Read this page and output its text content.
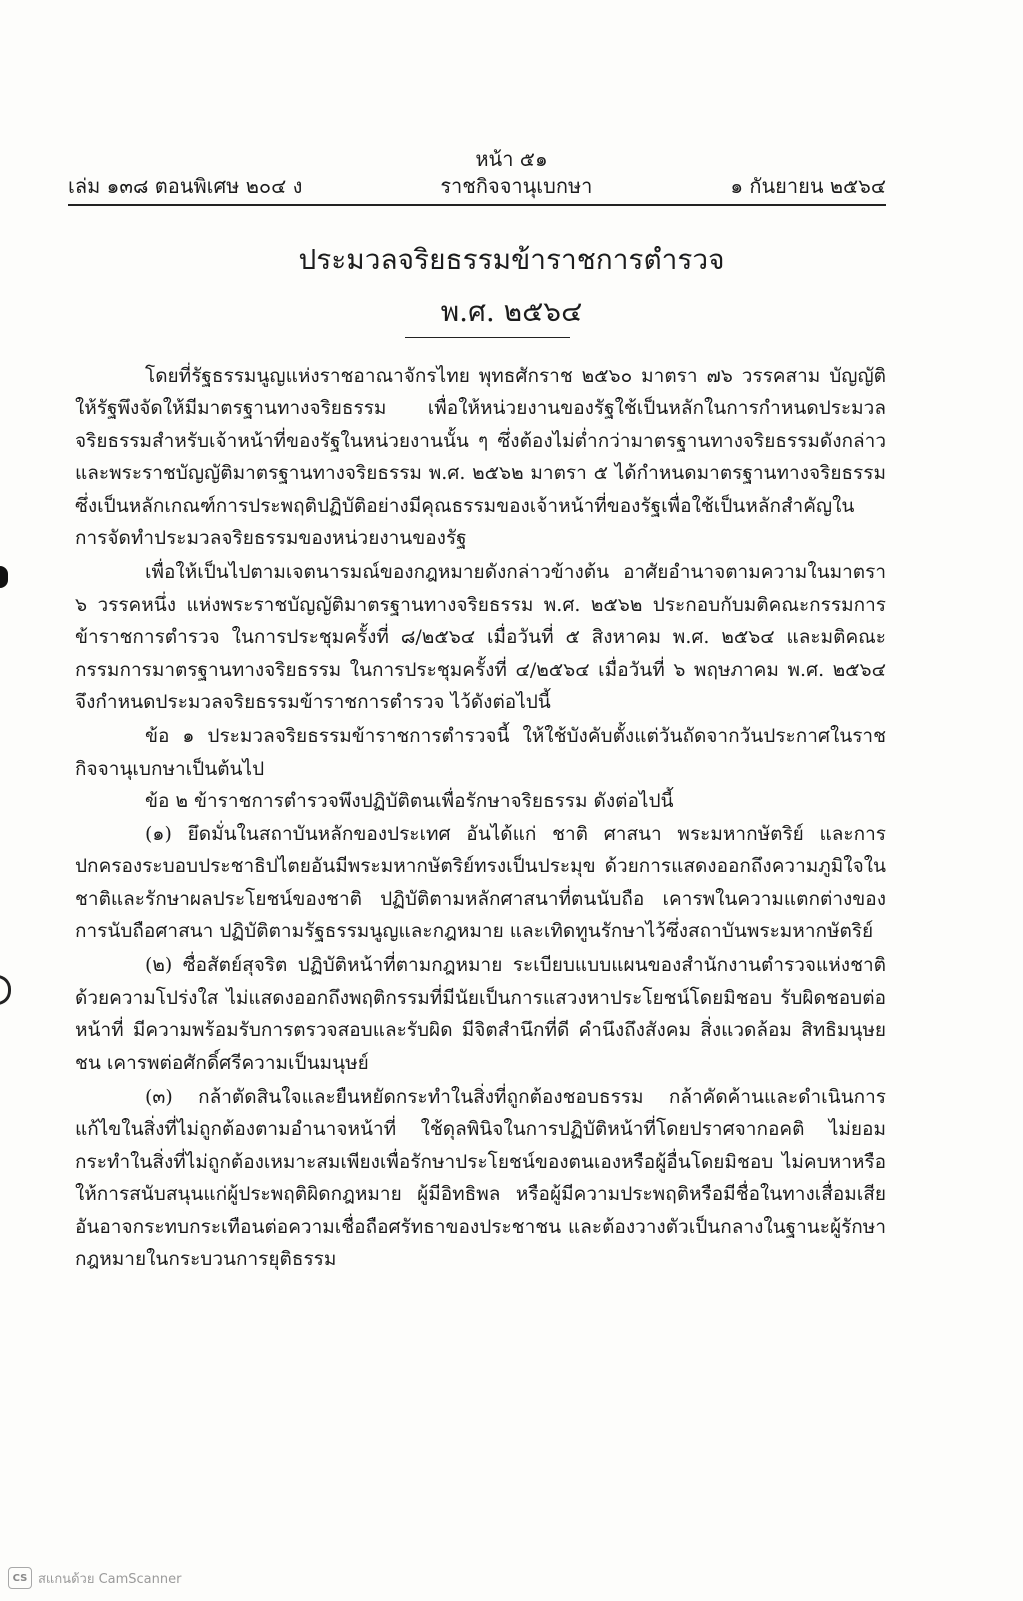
หน้า ๕๑
เล่ม ๑๓๘ ตอนพิเศษ ๒๐๔ ง	ราชกิจจานุเบกษา	๑ กันยายน ๒๕๖๔
ประมวลจริยธรรมข้าราชการตำรวจ
พ.ศ. ๒๕๖๔

โดยที่รัฐธรรมนูญแห่งราชอาณาจักรไทย พุทธศักราช ๒๕๖๐ มาตรา ๗๖ วรรคสาม บัญญัติให้รัฐพึงจัดให้มีมาตรฐานทางจริยธรรม เพื่อให้หน่วยงานของรัฐใช้เป็นหลักในการกำหนดประมวลจริยธรรมสำหรับเจ้าหน้าที่ของรัฐในหน่วยงานนั้น ๆ ซึ่งต้องไม่ต่ำกว่ามาตรฐานทางจริยธรรมดังกล่าว และพระราชบัญญัติมาตรฐานทางจริยธรรม พ.ศ. ๒๕๖๒ มาตรา ๕ ได้กำหนดมาตรฐานทางจริยธรรม ซึ่งเป็นหลักเกณฑ์การประพฤติปฏิบัติอย่างมีคุณธรรมของเจ้าหน้าที่ของรัฐเพื่อใช้เป็นหลักสำคัญในการจัดทำประมวลจริยธรรมของหน่วยงานของรัฐ

เพื่อให้เป็นไปตามเจตนารมณ์ของกฎหมายดังกล่าวข้างต้น อาศัยอำนาจตามความในมาตรา ๖ วรรคหนึ่ง แห่งพระราชบัญญัติมาตรฐานทางจริยธรรม พ.ศ. ๒๕๖๒ ประกอบกับมติคณะกรรมการข้าราชการตำรวจ ในการประชุมครั้งที่ ๘/๒๕๖๔ เมื่อวันที่ ๕ สิงหาคม พ.ศ. ๒๕๖๔ และมติคณะกรรมการมาตรฐานทางจริยธรรม ในการประชุมครั้งที่ ๔/๒๕๖๔ เมื่อวันที่ ๖ พฤษภาคม พ.ศ. ๒๕๖๔ จึงกำหนดประมวลจริยธรรมข้าราชการตำรวจ ไว้ดังต่อไปนี้

ข้อ ๑ ประมวลจริยธรรมข้าราชการตำรวจนี้ ให้ใช้บังคับตั้งแต่วันถัดจากวันประกาศในราชกิจจานุเบกษาเป็นต้นไป

ข้อ ๒ ข้าราชการตำรวจพึงปฏิบัติตนเพื่อรักษาจริยธรรม ดังต่อไปนี้

(๑) ยึดมั่นในสถาบันหลักของประเทศ อันได้แก่ ชาติ ศาสนา พระมหากษัตริย์ และการปกครองระบอบประชาธิปไตยอันมีพระมหากษัตริย์ทรงเป็นประมุข ด้วยการแสดงออกถึงความภูมิใจในชาติและรักษาผลประโยชน์ของชาติ ปฏิบัติตามหลักศาสนาที่ตนนับถือ เคารพในความแตกต่างของการนับถือศาสนา ปฏิบัติตามรัฐธรรมนูญและกฎหมาย และเทิดทูนรักษาไว้ซึ่งสถาบันพระมหากษัตริย์

(๒) ซื่อสัตย์สุจริต ปฏิบัติหน้าที่ตามกฎหมาย ระเบียบแบบแผนของสำนักงานตำรวจแห่งชาติด้วยความโปร่งใส ไม่แสดงออกถึงพฤติกรรมที่มีนัยเป็นการแสวงหาประโยชน์โดยมิชอบ รับผิดชอบต่อหน้าที่ มีความพร้อมรับการตรวจสอบและรับผิด มีจิตสำนึกที่ดี คำนึงถึงสังคม สิ่งแวดล้อม สิทธิมนุษยชน เคารพต่อศักดิ์ศรีความเป็นมนุษย์

(๓) กล้าตัดสินใจและยืนหยัดกระทำในสิ่งที่ถูกต้องชอบธรรม กล้าคัดค้านและดำเนินการแก้ไขในสิ่งที่ไม่ถูกต้องตามอำนาจหน้าที่ ใช้ดุลพินิจในการปฏิบัติหน้าที่โดยปราศจากอคติ ไม่ยอมกระทำในสิ่งที่ไม่ถูกต้องเหมาะสมเพียงเพื่อรักษาประโยชน์ของตนเองหรือผู้อื่นโดยมิชอบ ไม่คบหาหรือให้การสนับสนุนแก่ผู้ประพฤติผิดกฎหมาย ผู้มีอิทธิพล หรือผู้มีความประพฤติหรือมีชื่อในทางเสื่อมเสีย อันอาจกระทบกระเทือนต่อความเชื่อถือศรัทธาของประชาชน และต้องวางตัวเป็นกลางในฐานะผู้รักษากฎหมายในกระบวนการยุติธรรม

CS สแกนด้วย CamScanner
